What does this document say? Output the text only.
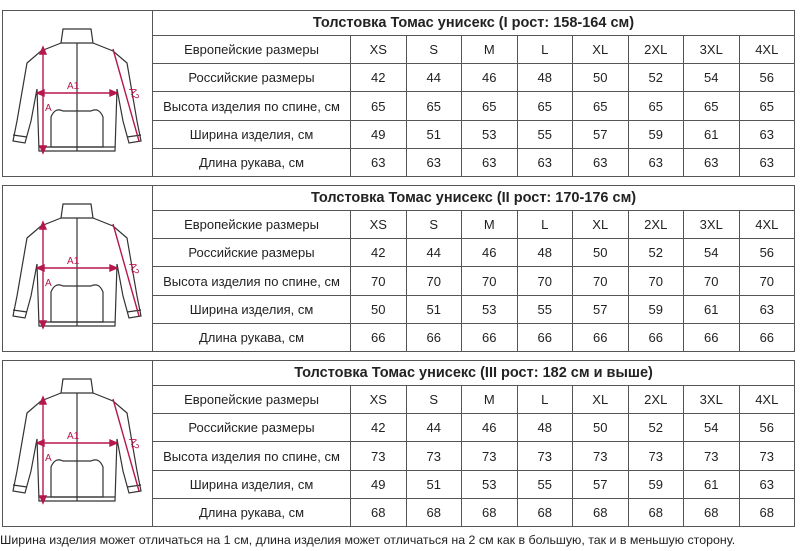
А
А1	А2
Толстовка Томас унисекс (I рост: 158-164 см)								
Европейские размеры	XS	S	M	L	XL	2XL	3XL	4XL
Российские размеры	42	44	46	48	50	52	54	56
Высота изделия по спине, см	65	65	65	65	65	65	65	65
Ширина изделия, см	49	51	53	55	57	59	61	63
Длина рукава, см	63	63	63	63	63	63	63	63
А
А1	А2
Толстовка Томас унисекс (II рост: 170-176 см)								
Европейские размеры	XS	S	M	L	XL	2XL	3XL	4XL
Российские размеры	42	44	46	48	50	52	54	56
Высота изделия по спине, см	70	70	70	70	70	70	70	70
Ширина изделия, см	50	51	53	55	57	59	61	63
Длина рукава, см	66	66	66	66	66	66	66	66
А
А1	А2
Толстовка Томас унисекс (III рост: 182 см и выше)								
Европейские размеры	XS	S	M	L	XL	2XL	3XL	4XL
Российские размеры	42	44	46	48	50	52	54	56
Высота изделия по спине, см	73	73	73	73	73	73	73	73
Ширина изделия, см	49	51	53	55	57	59	61	63
Длина рукава, см	68	68	68	68	68	68	68	68
Ширина изделия может отличаться на 1 см, длина изделия может отличаться на 2 см как в большую, так и в меньшую сторону.
